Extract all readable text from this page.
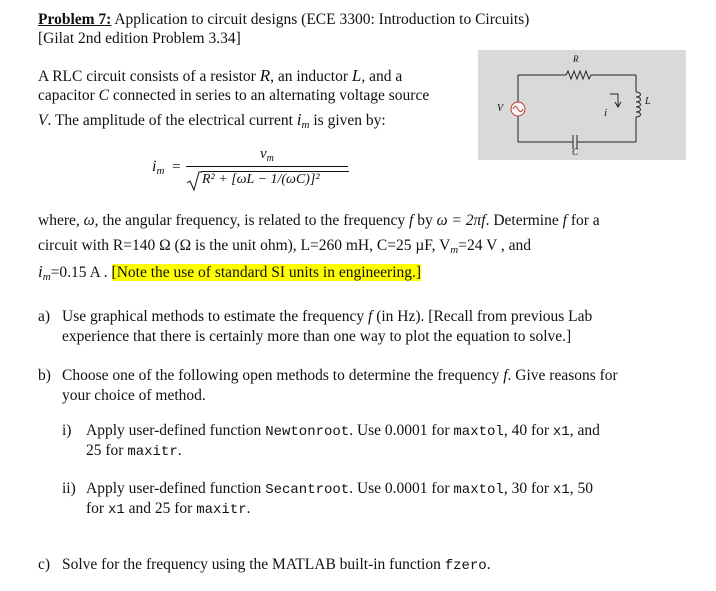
Problem 7: Application to circuit designs (ECE 3300: Introduction to Circuits)
[Gilat 2nd edition Problem 3.34]
A RLC circuit consists of a resistor R, an inductor L, and a
capacitor C connected in series to an alternating voltage source
V. The amplitude of the electrical current $i_m$ is given by:
R
V	i
L
C
$i_m$ =
$v_m$
R² + [ωL − 1/(ωC)]²
where, ω, the angular frequency, is related to the frequency f by ω = 2πf. Determine f for a
circuit with R=140 Ω (Ω is the unit ohm), L=260 mH, C=25 µF, $V_m=24$ V , and
$i_m=0.15$ A . [Note the use of standard SI units in engineering.]
a) Use graphical methods to estimate the frequency f (in Hz). [Recall from previous Lab
experience that there is certainly more than one way to plot the equation to solve.]
b) Choose one of the following open methods to determine the frequency f. Give reasons for
your choice of method.
i) Apply user-defined function Newtonroot. Use 0.0001 for maxtol, 40 for x1, and
25 for maxitr.
ii) Apply user-defined function Secantroot. Use 0.0001 for maxtol, 30 for x1, 50
for x1 and 25 for maxitr.
c) Solve for the frequency using the MATLAB built-in function fzero.
